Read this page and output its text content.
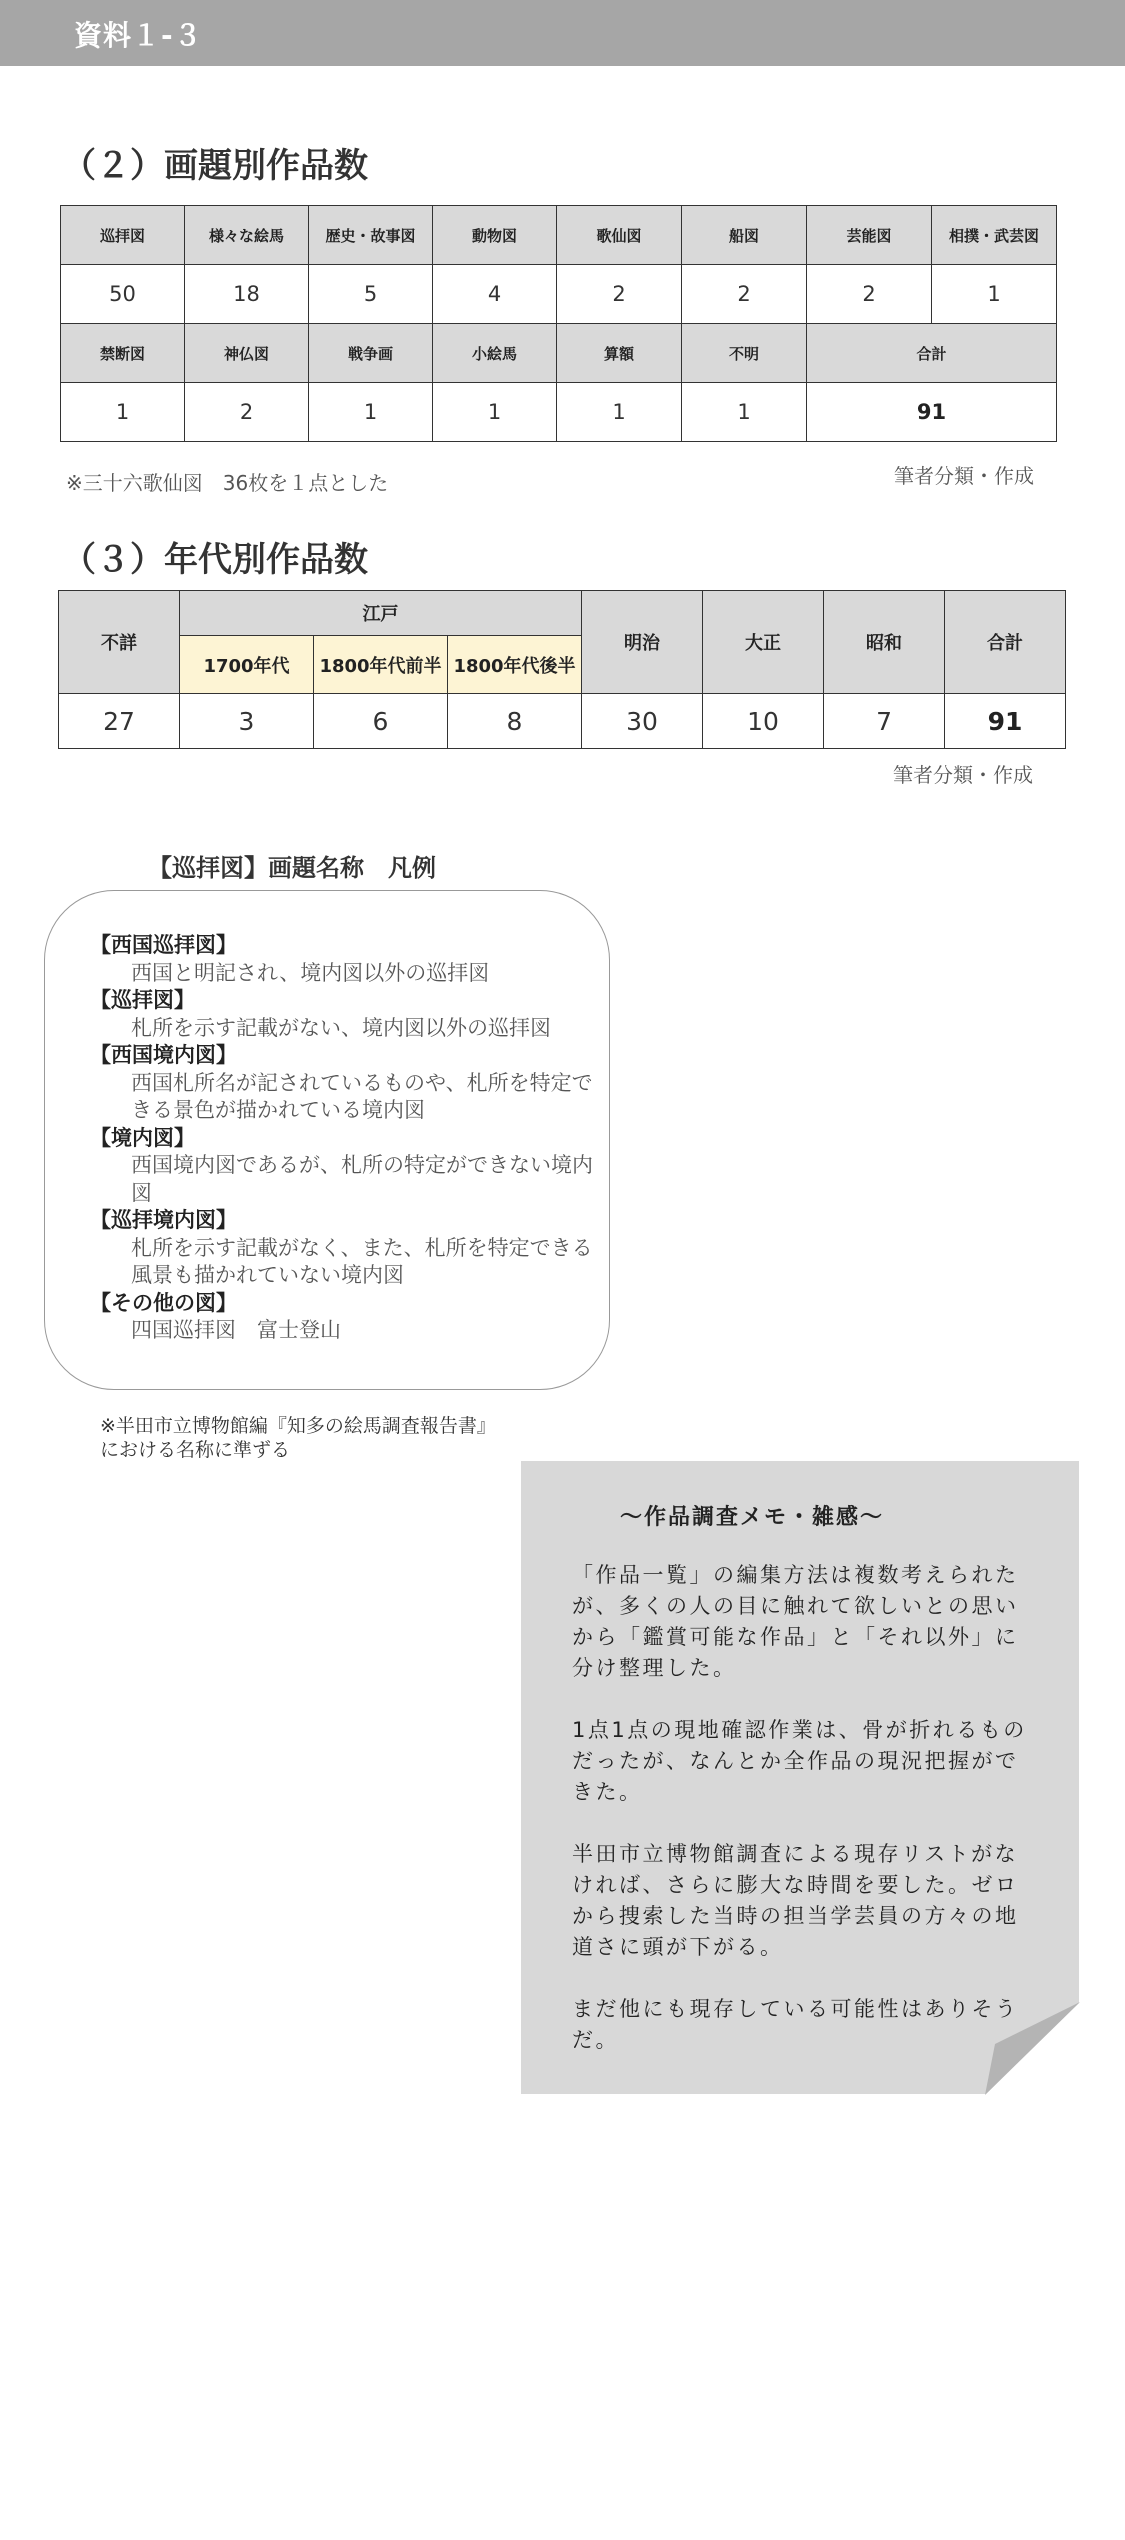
資料１-３
（２）画題別作品数
巡拝図	様々な絵馬	歴史・故事図	動物図	歌仙図	船図	芸能図	相撲・武芸図
50	18	5	4	2	2	2	1
禁断図	神仏図	戦争画	小絵馬	算額	不明	合計	
1	2	1	1	1	1	91	
※三十六歌仙図　36枚を１点とした	筆者分類・作成
（３）年代別作品数
不詳	江戸			明治	大正	昭和	合計
	1700年代	1800年代前半	1800年代後半				
27	3	6	8	30	10	7	91
筆者分類・作成
【巡拝図】画題名称　凡例
【西国巡拝図】
西国と明記され、境内図以外の巡拝図
【巡拝図】
札所を示す記載がない、境内図以外の巡拝図
【西国境内図】
西国札所名が記されているものや、札所を特定できる景色が描かれている境内図
【境内図】
西国境内図であるが、札所の特定ができない境内図
【巡拝境内図】
札所を示す記載がなく、また、札所を特定できる風景も描かれていない境内図
【その他の図】
四国巡拝図　富士登山
※半田市立博物館編『知多の絵馬調査報告書』
における名称に準ずる
〜作品調査メモ・雑感〜

「作品一覧」の編集方法は複数考えられたが、多くの人の目に触れて欲しいとの思いから「鑑賞可能な作品」と「それ以外」に分け整理した。

1点1点の現地確認作業は、骨が折れるものだったが、なんとか全作品の現況把握ができた。

半田市立博物館調査による現存リストがなければ、さらに膨大な時間を要した。ゼロから捜索した当時の担当学芸員の方々の地道さに頭が下がる。

まだ他にも現存している可能性はありそうだ。
